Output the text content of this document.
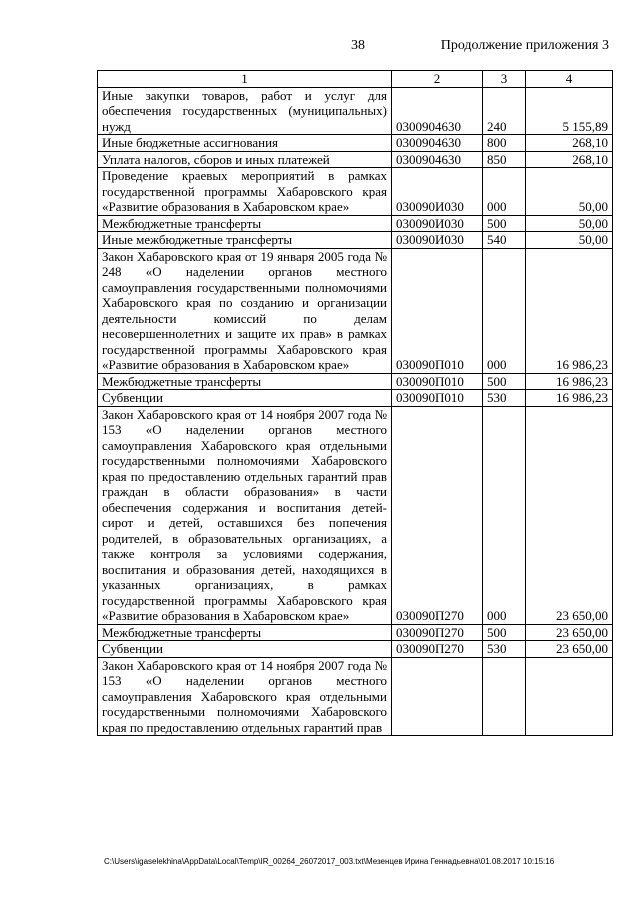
38	Продолжение приложения 3
1	2	3	4
Иные закупки товаров, работ и услуг для обеспечения государственных (муниципальных) нужд	0300904630	240	5 155,89
Иные бюджетные ассигнования	0300904630	800	268,10
Уплата налогов, сборов и иных платежей	0300904630	850	268,10
Проведение краевых мероприятий в рамках государственной программы Хабаровского края «Развитие образования в Хабаровском крае»	030090И030	000	50,00
Межбюджетные трансферты	030090И030	500	50,00
Иные межбюджетные трансферты	030090И030	540	50,00
Закон Хабаровского края от 19 января 2005 года № 248 «О наделении органов местного самоуправления государственными полномочиями Хабаровского края по созданию и организации деятельности комиссий по делам несовершеннолетних и защите их прав» в рамках государственной программы Хабаровского края «Развитие образования в Хабаровском крае»	030090П010	000	16 986,23
Межбюджетные трансферты	030090П010	500	16 986,23
Субвенции	030090П010	530	16 986,23
Закон Хабаровского края от 14 ноября 2007 года № 153 «О наделении органов местного самоуправления Хабаровского края отдельными государственными полномочиями Хабаровского края по предоставлению отдельных гарантий прав граждан в области образования» в части обеспечения содержания и воспитания детей-сирот и детей, оставшихся без попечения родителей, в образовательных организациях, а также контроля за условиями содержания, воспитания и образования детей, находящихся в указанных организациях, в рамках государственной программы Хабаровского края «Развитие образования в Хабаровском крае»	030090П270	000	23 650,00
Межбюджетные трансферты	030090П270	500	23 650,00
Субвенции	030090П270	530	23 650,00
Закон Хабаровского края от 14 ноября 2007 года № 153 «О наделении органов местного самоуправления Хабаровского края отдельными государственными полномочиями Хабаровского края по предоставлению отдельных гарантий прав			
C:\Users\igaselekhina\AppData\Local\Temp\IR_00264_26072017_003.txt\Мезенцев Ирина Геннадьевна\01.08.2017 10:15:16
